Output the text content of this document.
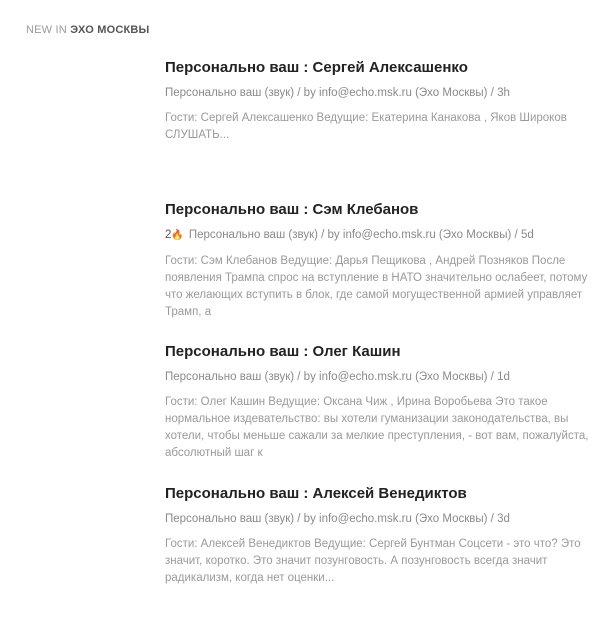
NEW IN ЭХО МОСКВЫ
Персонально ваш : Сергей Алексашенко
Персонально ваш (звук) / by info@echo.msk.ru (Эхо Москвы) / 3h
Гости: Сергей Алексашенко Ведущие: Екатерина Канакова , Яков Широков СЛУШАТЬ...
Персонально ваш : Сэм Клебанов
2🔥 Персонально ваш (звук) / by info@echo.msk.ru (Эхо Москвы) / 5d
Гости: Сэм Клебанов Ведущие: Дарья Пещикова , Андрей Позняков После появления Трампа спрос на вступление в НАТО значительно ослабеет, потому что желающих вступить в блок, где самой могущественной армией управляет Трамп, а
Персонально ваш : Олег Кашин
Персонально ваш (звук) / by info@echo.msk.ru (Эхо Москвы) / 1d
Гости: Олег Кашин Ведущие: Оксана Чиж , Ирина Воробьева Это такое нормальное издевательство: вы хотели гуманизации законодательства, вы хотели, чтобы меньше сажали за мелкие преступления, - вот вам, пожалуйста, абсолютный шаг к
Персонально ваш : Алексей Венедиктов
Персонально ваш (звук) / by info@echo.msk.ru (Эхо Москвы) / 3d
Гости: Алексей Венедиктов Ведущие: Сергей Бунтман Соцсети - это что? Это значит, коротко. Это значит позунговость. А позунговость всегда значит радикализм, когда нет оценки...
